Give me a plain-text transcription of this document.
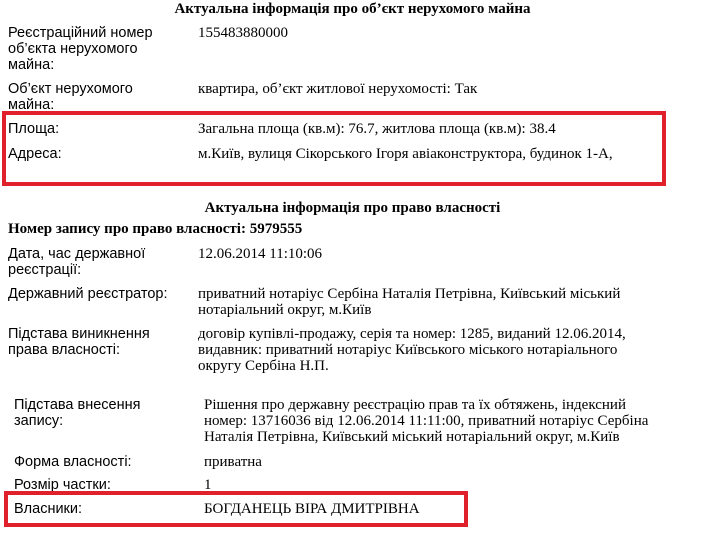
Актуальна інформація про об’єкт нерухомого майна
Реєстраційний номер
об’єкта нерухомого
майна:
155483880000
Об’єкт нерухомого
майна:
квартира, об’єкт житлової нерухомості: Так
Площа:	Загальна площа (кв.м): 76.7, житлова площа (кв.м): 38.4
Адреса:	м.Київ, вулиця Сікорського Ігоря авіаконструктора, будинок 1-А,
Актуальна інформація про право власності
Номер запису про право власності: 5979555
Дата, час державної
реєстрації:
12.06.2014 11:10:06
Державний реєстратор: приватний нотаріус Сербіна Наталія Петрівна, Київський міський
нотаріальний округ, м.Київ
Підстава виникнення
права власності:
договір купівлі-продажу, серія та номер: 1285, виданий 12.06.2014,
видавник: приватний нотаріус Київського міського нотаріального
округу Сербіна Н.П.
Підстава внесення
запису:
Рішення про державну реєстрацію прав та їх обтяжень, індексний
номер: 13716036 від 12.06.2014 11:11:00, приватний нотаріус Сербіна
Наталія Петрівна, Київський міський нотаріальний округ, м.Київ
Форма власності:	приватна
Розмір частки:	1
Власники:	БОГДАНЕЦЬ ВІРА ДМИТРІВНА
